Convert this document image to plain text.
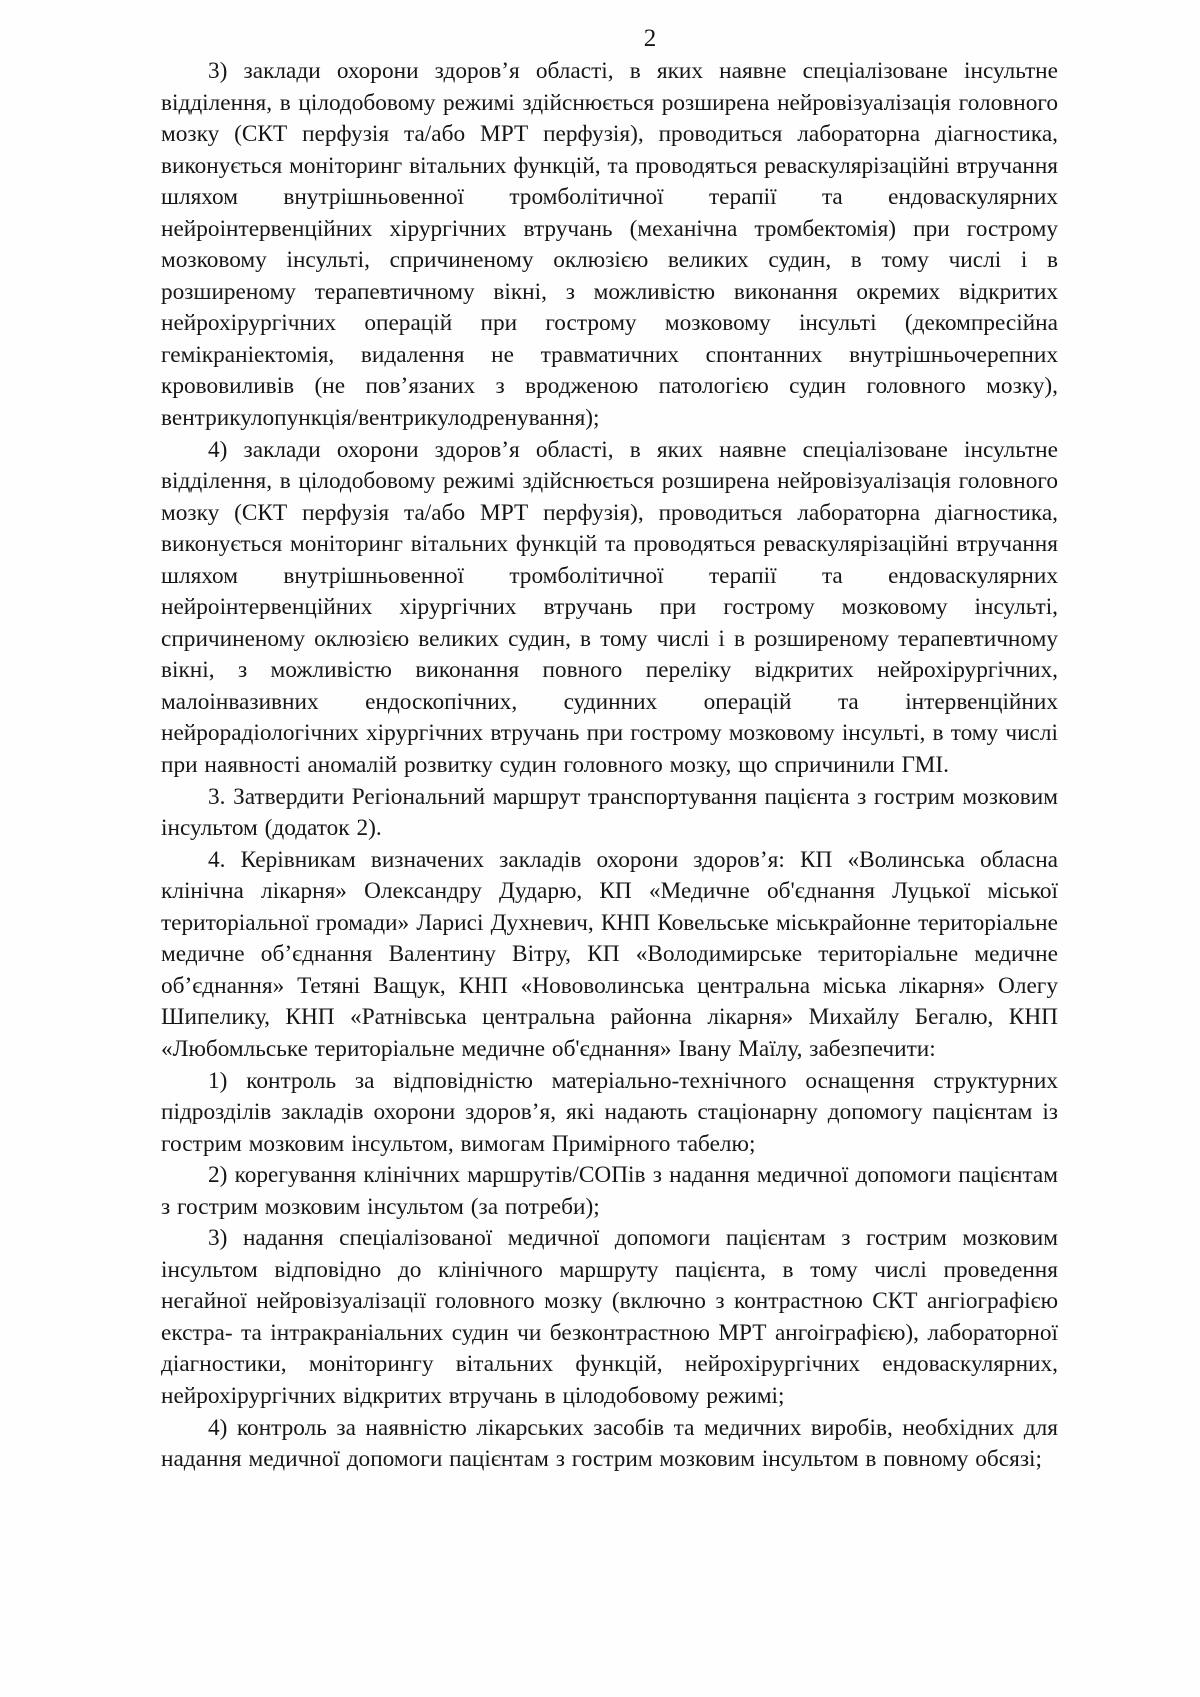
2

3) заклади охорони здоров’я області, в яких наявне спеціалізоване інсультне відділення, в цілодобовому режимі здійснюється розширена нейровізуалізація головного мозку (СКТ перфузія та/або МРТ перфузія), проводиться лабораторна діагностика, виконується моніторинг вітальних функцій, та проводяться реваскулярізаційні втручання шляхом внутрішньовенної тромболітичної терапії та ендоваскулярних нейроінтервенційних хірургічних втручань (механічна тромбектомія) при гострому мозковому інсульті, спричиненому оклюзією великих судин, в тому числі і в розширеному терапевтичному вікні, з можливістю виконання окремих відкритих нейрохірургічних операцій при гострому мозковому інсульті (декомпресійна гемікраніектомія, видалення не травматичних спонтанних внутрішньочерепних крововиливів (не пов’язаних з вродженою патологією судин головного мозку), вентрикулопункція/вентрикулодренування);

4) заклади охорони здоров’я області, в яких наявне спеціалізоване інсультне відділення, в цілодобовому режимі здійснюється розширена нейровізуалізація головного мозку (СКТ перфузія та/або МРТ перфузія), проводиться лабораторна діагностика, виконується моніторинг вітальних функцій та проводяться реваскулярізаційні втручання шляхом внутрішньовенної тромболітичної терапії та ендоваскулярних нейроінтервенційних хірургічних втручань при гострому мозковому інсульті, спричиненому оклюзією великих судин, в тому числі і в розширеному терапевтичному вікні, з можливістю виконання повного переліку відкритих нейрохірургічних, малоінвазивних ендоскопічних, судинних операцій та інтервенційних нейрорадіологічних хірургічних втручань при гострому мозковому інсульті, в тому числі при наявності аномалій розвитку судин головного мозку, що спричинили ГМІ.

3. Затвердити Регіональний маршрут транспортування пацієнта з гострим мозковим інсультом (додаток 2).

4. Керівникам визначених закладів охорони здоров’я: КП «Волинська обласна клінічна лікарня» Олександру Дударю, КП «Медичне об'єднання Луцької міської територіальної громади» Ларисі Духневич, КНП Ковельське міськрайонне територіальне медичне об’єднання Валентину Вітру, КП «Володимирське територіальне медичне об’єднання» Тетяні Ващук, КНП «Нововолинська центральна міська лікарня» Олегу Шипелику, КНП «Ратнівська центральна районна лікарня» Михайлу Бегалю, КНП «Любомльське територіальне медичне об'єднання» Івану Маїлу, забезпечити:

1) контроль за відповідністю матеріально-технічного оснащення структурних підрозділів закладів охорони здоров’я, які надають стаціонарну допомогу пацієнтам із гострим мозковим інсультом, вимогам Примірного табелю;

2) корегування клінічних маршрутів/СОПів з надання медичної допомоги пацієнтам з гострим мозковим інсультом (за потреби);

3) надання спеціалізованої медичної допомоги пацієнтам з гострим мозковим інсультом відповідно до клінічного маршруту пацієнта, в тому числі проведення негайної нейровізуалізації головного мозку (включно з контрастною СКТ ангіографією екстра- та інтракраніальних судин чи безконтрастною МРТ ангоіграфією), лабораторної діагностики, моніторингу вітальних функцій, нейрохірургічних ендоваскулярних, нейрохірургічних відкритих втручань в цілодобовому режимі;

4) контроль за наявністю лікарських засобів та медичних виробів, необхідних для надання медичної допомоги пацієнтам з гострим мозковим інсультом в повному обсязі;
